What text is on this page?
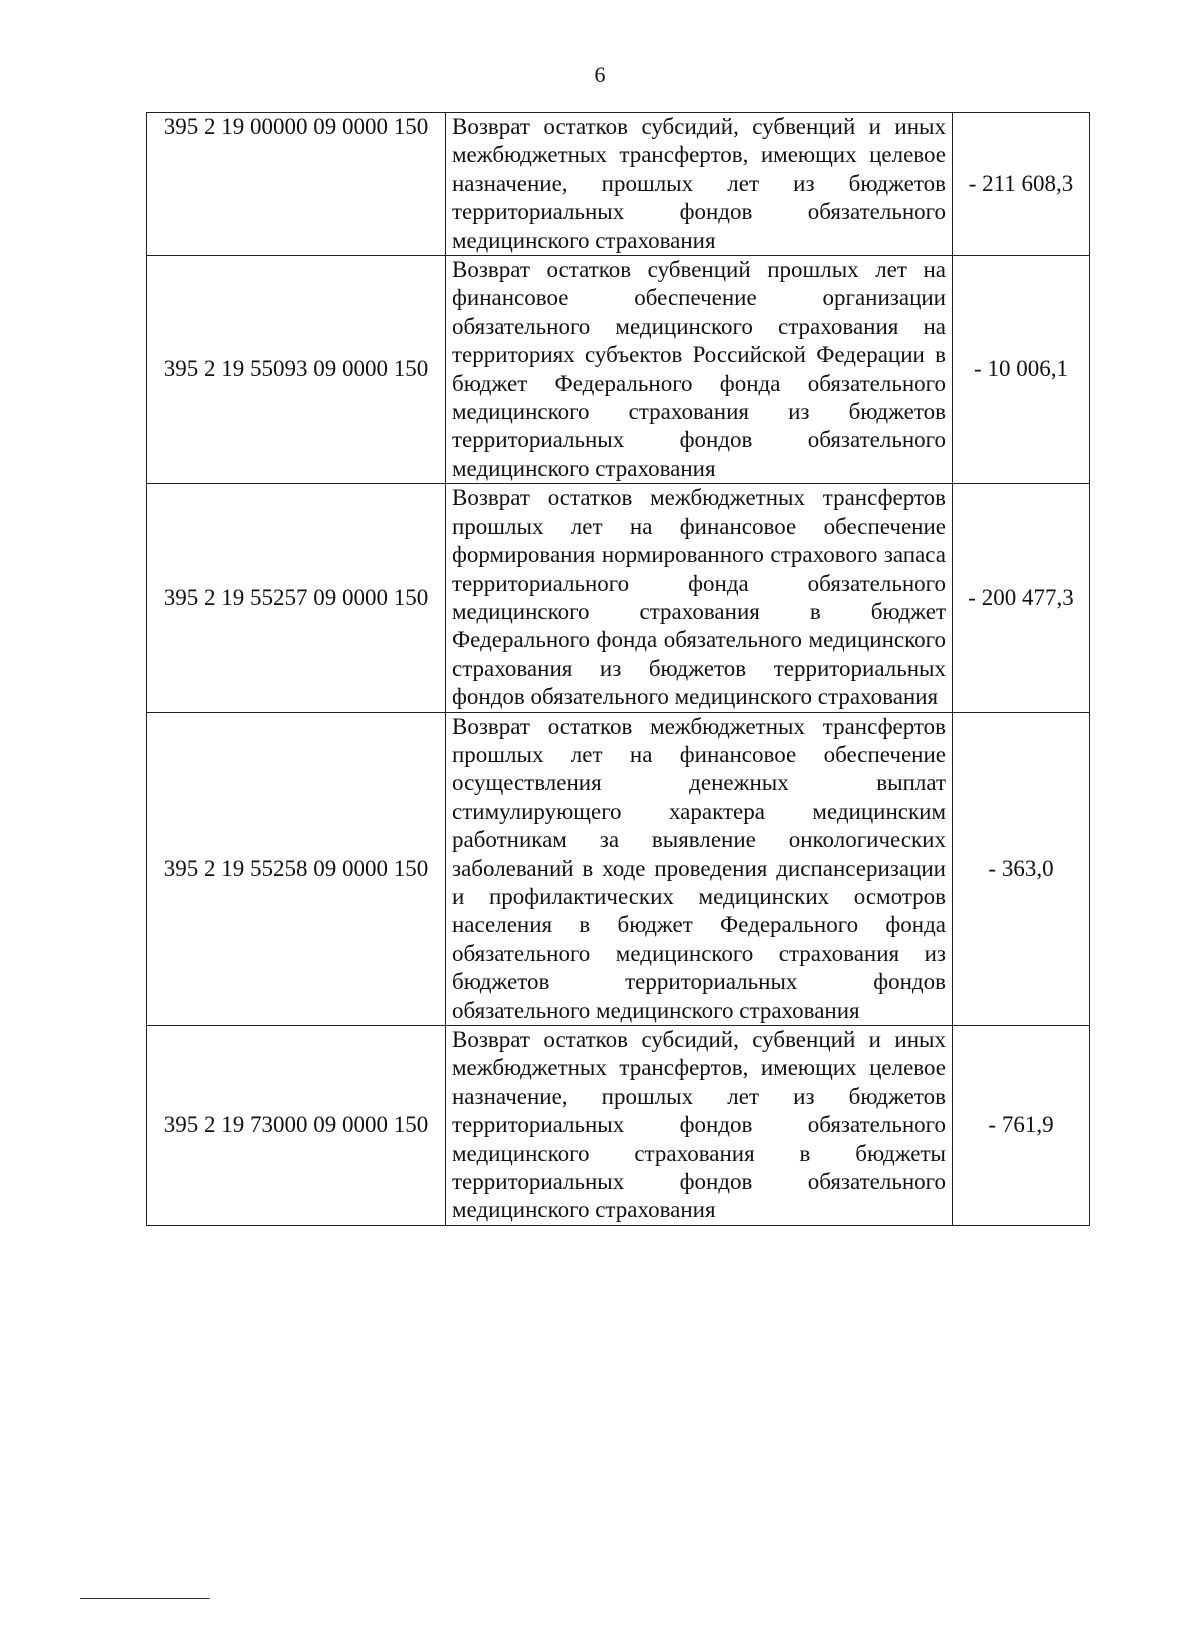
6
395 2 19 00000 09 0000 150	Возврат остатков субсидий, субвенций и иных межбюджетных трансфертов, имеющих целевое назначение, прошлых лет из бюджетов территориальных фондов обязательного медицинского страхования	- 211 608,3
395 2 19 55093 09 0000 150	Возврат остатков субвенций прошлых лет на финансовое обеспечение организации обязательного медицинского страхования на территориях субъектов Российской Федерации в бюджет Федерального фонда обязательного медицинского страхования из бюджетов территориальных фондов обязательного медицинского страхования	- 10 006,1
395 2 19 55257 09 0000 150	Возврат остатков межбюджетных трансфертов прошлых лет на финансовое обеспечение формирования нормированного страхового запаса территориального фонда обязательного медицинского страхования в бюджет Федерального фонда обязательного медицинского страхования из бюджетов территориальных фондов обязательного медицинского страхования	- 200 477,3
395 2 19 55258 09 0000 150	Возврат остатков межбюджетных трансфертов прошлых лет на финансовое обеспечение осуществления денежных выплат стимулирующего характера медицинским работникам за выявление онкологических заболеваний в ходе проведения диспансеризации и профилактических медицинских осмотров населения в бюджет Федерального фонда обязательного медицинского страхования из бюджетов территориальных фондов обязательного медицинского страхования	- 363,0
395 2 19 73000 09 0000 150	Возврат остатков субсидий, субвенций и иных межбюджетных трансфертов, имеющих целевое назначение, прошлых лет из бюджетов территориальных фондов обязательного медицинского страхования в бюджеты территориальных фондов обязательного медицинского страхования	- 761,9
